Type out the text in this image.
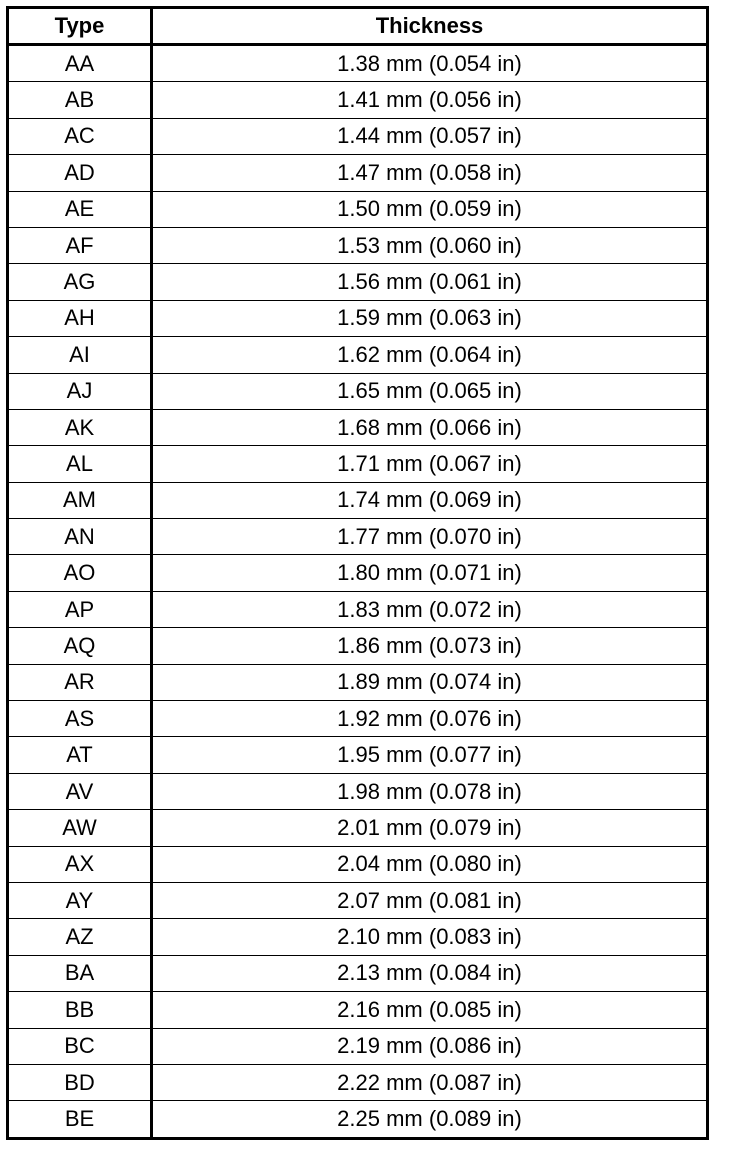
Type	Thickness
AA	1.38 mm (0.054 in)
AB	1.41 mm (0.056 in)
AC	1.44 mm (0.057 in)
AD	1.47 mm (0.058 in)
AE	1.50 mm (0.059 in)
AF	1.53 mm (0.060 in)
AG	1.56 mm (0.061 in)
AH	1.59 mm (0.063 in)
AI	1.62 mm (0.064 in)
AJ	1.65 mm (0.065 in)
AK	1.68 mm (0.066 in)
AL	1.71 mm (0.067 in)
AM	1.74 mm (0.069 in)
AN	1.77 mm (0.070 in)
AO	1.80 mm (0.071 in)
AP	1.83 mm (0.072 in)
AQ	1.86 mm (0.073 in)
AR	1.89 mm (0.074 in)
AS	1.92 mm (0.076 in)
AT	1.95 mm (0.077 in)
AV	1.98 mm (0.078 in)
AW	2.01 mm (0.079 in)
AX	2.04 mm (0.080 in)
AY	2.07 mm (0.081 in)
AZ	2.10 mm (0.083 in)
BA	2.13 mm (0.084 in)
BB	2.16 mm (0.085 in)
BC	2.19 mm (0.086 in)
BD	2.22 mm (0.087 in)
BE	2.25 mm (0.089 in)
